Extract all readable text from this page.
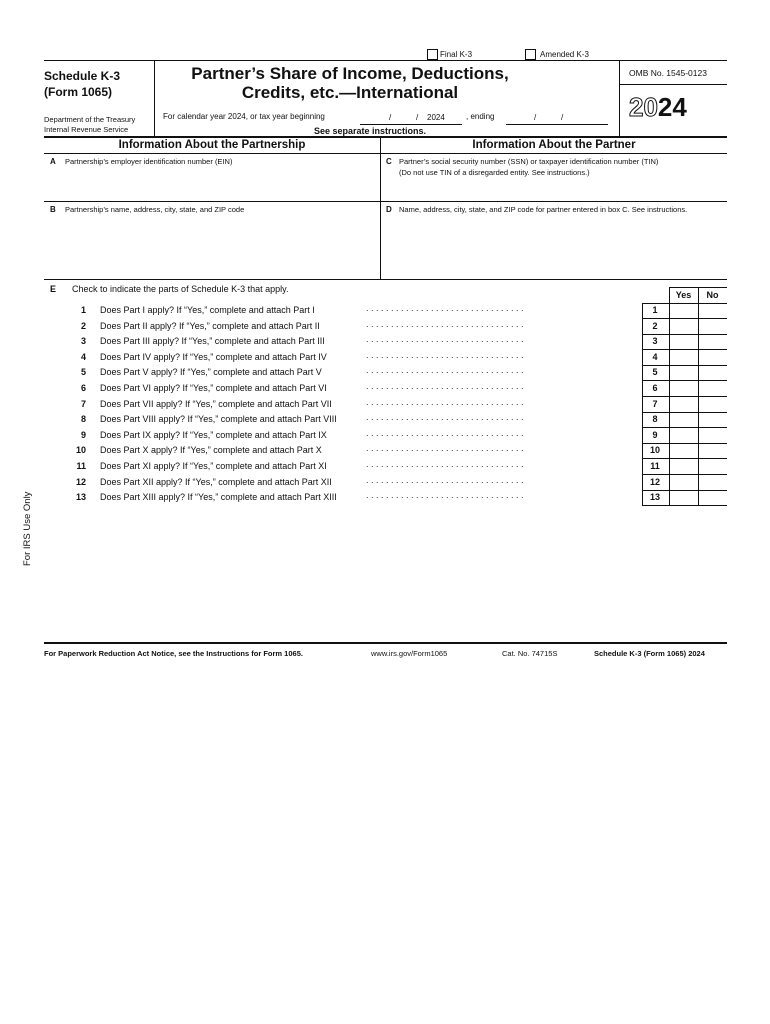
Final K-3	Amended K-3
Schedule K-3
(Form 1065)
Department of the Treasury
Internal Revenue Service
Partner’s Share of Income, Deductions,
Credits, etc.—International
For calendar year 2024, or tax year beginning	/	/ 2024	, ending	/	/
See separate instructions.
OMB No. 1545-0123
2024
Information About the Partnership	Information About the Partner
A Partnership’s employer identification number (EIN)
B Partnership’s name, address, city, state, and ZIP code
C Partner’s social security number (SSN) or taxpayer identification number (TIN)
(Do not use TIN of a disregarded entity. See instructions.)
D Name, address, city, state, and ZIP code for partner entered in box C. See instructions.
E Check to indicate the parts of Schedule K-3 that apply.
Yes	No
1 Does Part I apply? If “Yes,” complete and attach Part I	. . . . . . . . . . . . . . . . . . . . . . . . . . . . . . . .	1
2 Does Part II apply? If “Yes,” complete and attach Part II	. . . . . . . . . . . . . . . . . . . . . . . . . . . . . . . .	2
3 Does Part III apply? If “Yes,” complete and attach Part III	. . . . . . . . . . . . . . . . . . . . . . . . . . . . . . . .	3
4 Does Part IV apply? If “Yes,” complete and attach Part IV	. . . . . . . . . . . . . . . . . . . . . . . . . . . . . . . .	4
5 Does Part V apply? If “Yes,” complete and attach Part V	. . . . . . . . . . . . . . . . . . . . . . . . . . . . . . . .	5
6 Does Part VI apply? If “Yes,” complete and attach Part VI	. . . . . . . . . . . . . . . . . . . . . . . . . . . . . . . .	6
7 Does Part VII apply? If “Yes,” complete and attach Part VII	. . . . . . . . . . . . . . . . . . . . . . . . . . . . . . . .	7
8 Does Part VIII apply? If “Yes,” complete and attach Part VIII	. . . . . . . . . . . . . . . . . . . . . . . . . . . . . . . .	8
9 Does Part IX apply? If “Yes,” complete and attach Part IX	. . . . . . . . . . . . . . . . . . . . . . . . . . . . . . . .	9
10 Does Part X apply? If “Yes,” complete and attach Part X	. . . . . . . . . . . . . . . . . . . . . . . . . . . . . . . .	10
11 Does Part XI apply? If “Yes,” complete and attach Part XI	. . . . . . . . . . . . . . . . . . . . . . . . . . . . . . . .	11
12 Does Part XII apply? If “Yes,” complete and attach Part XII	. . . . . . . . . . . . . . . . . . . . . . . . . . . . . . . .	12
13 Does Part XIII apply? If “Yes,” complete and attach Part XIII	. . . . . . . . . . . . . . . . . . . . . . . . . . . . . . . .	13
For IRS Use Only
For Paperwork Reduction Act Notice, see the Instructions for Form 1065.	www.irs.gov/Form1065	Cat. No. 74715S	Schedule K-3 (Form 1065) 2024
